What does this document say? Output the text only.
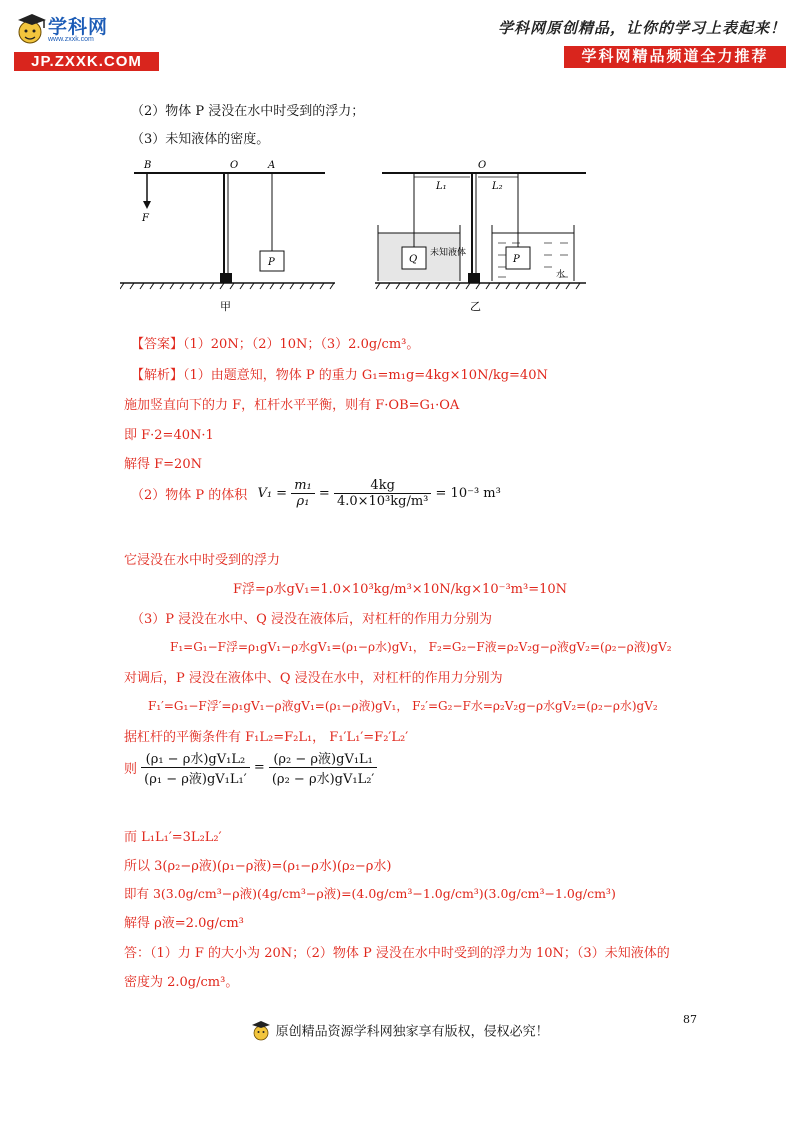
学科网
www.zxxk.com
JP.ZXXK.COM
学科网原创精品，让你的学习上表起来！
学科网精品频道全力推荐
（2）物体 P 浸没在水中时受到的浮力；
（3）未知液体的密度。
B	O	A
F
P
甲
O
L₁	L₂
Q	P
未知液体
水
乙
【答案】（1）20N；（2）10N；（3）2.0g/cm³。
【解析】（1）由题意知，物体 P 的重力 G₁=m₁g=4kg×10N/kg=40N
施加竖直向下的力 F，杠杆水平平衡，则有 F·OB=G₁·OA
即 F·2=40N·1
解得 F=20N
（2）物体 P 的体积 $V_1 = \frac{\text{m₁}}{\text{ρ₁}} = \frac{4kg}{\text{4.0×10³kg/m³}} = 10^{-3}$ m³
它浸没在水中时受到的浮力
F浮=ρ水gV₁=1.0×10³kg/m³×10N/kg×10⁻³m³=10N
（3）P 浸没在水中、Q 浸没在液体后，对杠杆的作用力分别为
F₁=G₁−F浮=ρ₁gV₁−ρ水gV₁=(ρ₁−ρ水)gV₁， F₂=G₂−F液=ρ₂V₂g−ρ液gV₂=(ρ₂−ρ液)gV₂
对调后，P 浸没在液体中、Q 浸没在水中，对杠杆的作用力分别为
F₁′=G₁−F浮′=ρ₁gV₁−ρ液gV₁=(ρ₁−ρ液)gV₁， F₂′=G₂−F水=ρ₂V₂g−ρ水gV₂=(ρ₂−ρ水)gV₂
据杠杆的平衡条件有 F₁L₂=F₂L₁， F₁′L₁′=F₂′L₂′
则 $\frac{\text{(ρ₁ − ρ水)gV₁L₂}}{\text{(ρ₁ − ρ液)gV₁L₁′}} = \frac{\text{(ρ₂ − ρ液)gV₁L₁}}{\text{(ρ₂ − ρ水)gV₁L₂′}}$
而 L₁L₁′=3L₂L₂′
所以 3(ρ₂−ρ液)(ρ₁−ρ液)=(ρ₁−ρ水)(ρ₂−ρ水)
即有 3(3.0g/cm³−ρ液)(4g/cm³−ρ液)=(4.0g/cm³−1.0g/cm³)(3.0g/cm³−1.0g/cm³)
解得 ρ液=2.0g/cm³
答：（1）力 F 的大小为 20N；（2）物体 P 浸没在水中时受到的浮力为 10N；（3）未知液体的
密度为 2.0g/cm³。
87
原创精品资源学科网独家享有版权，侵权必究！
